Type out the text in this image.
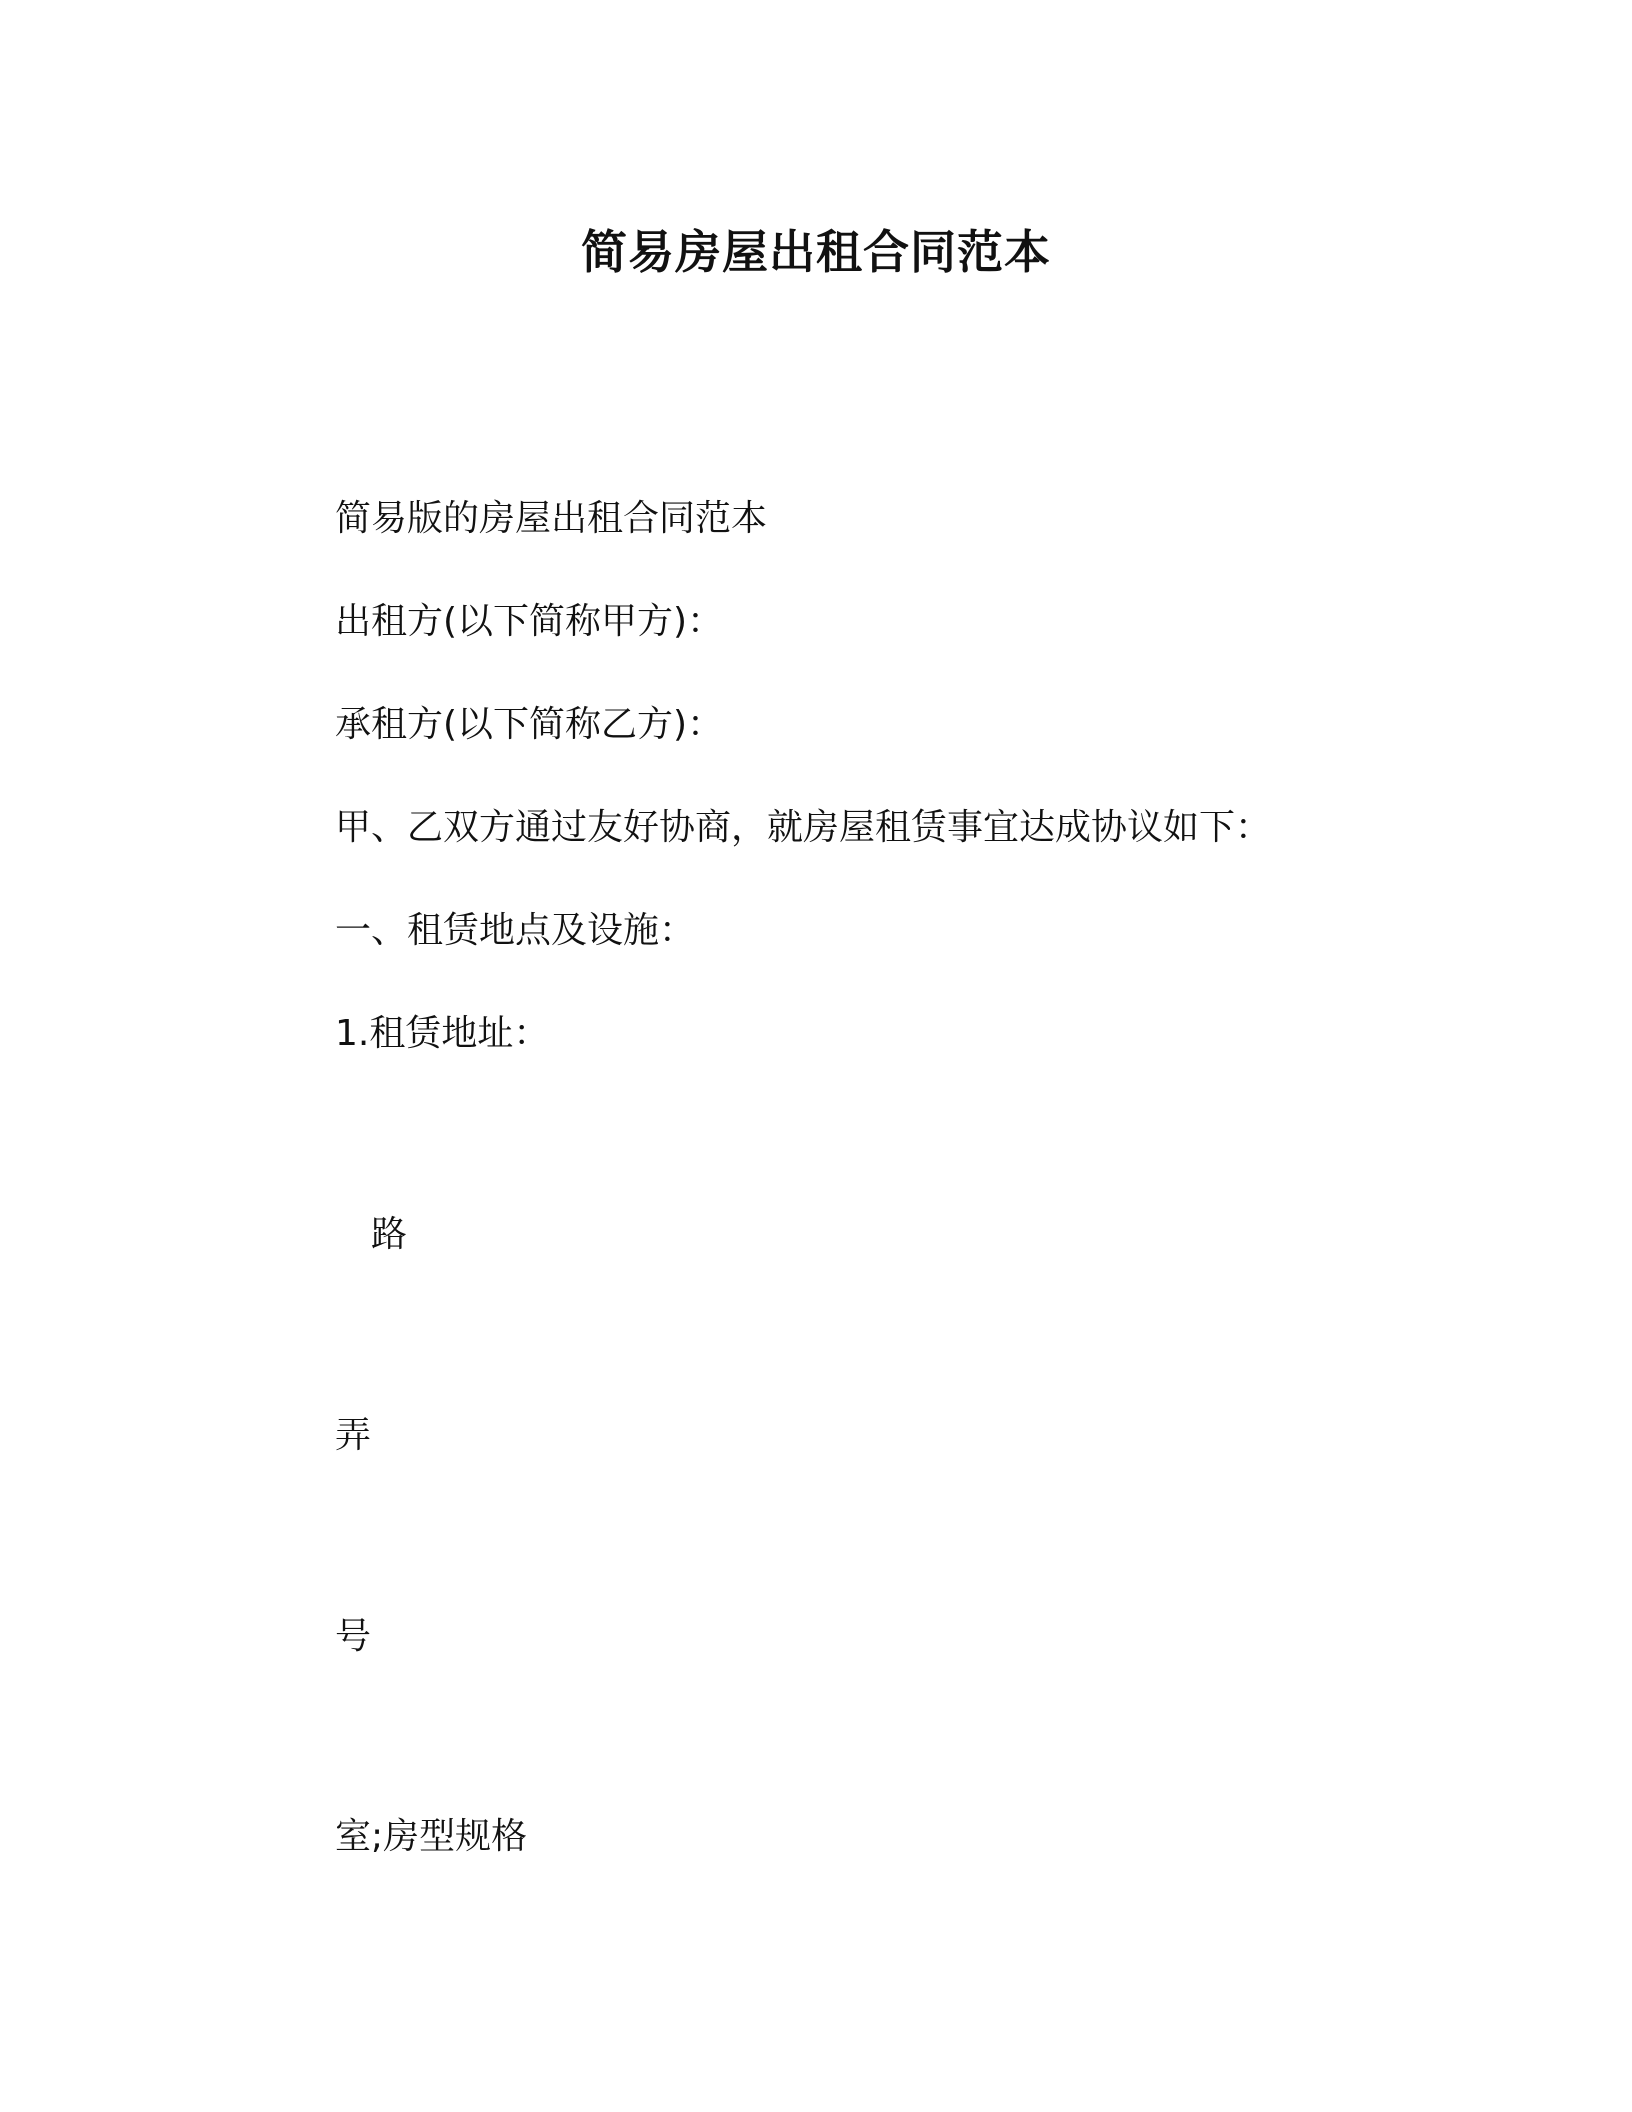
简易房屋出租合同范本
简易版的房屋出租合同范本
出租方(以下简称甲方)：
承租方(以下简称乙方)：
甲、乙双方通过友好协商，就房屋租赁事宜达成协议如下：
一、租赁地点及设施：
1.租赁地址：
路
弄
号
室;房型规格
